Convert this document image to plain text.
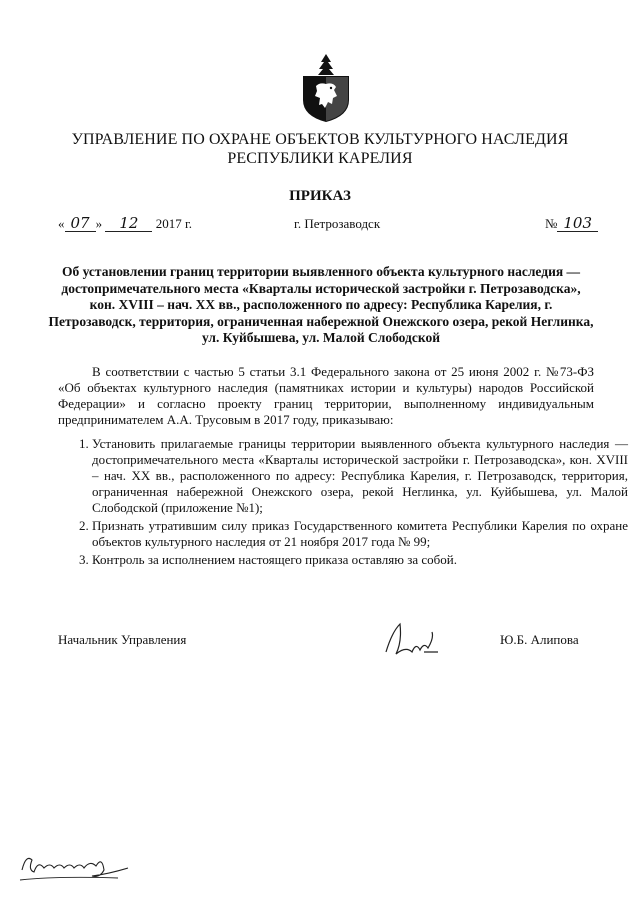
УПРАВЛЕНИЕ ПО ОХРАНЕ ОБЪЕКТОВ КУЛЬТУРНОГО НАСЛЕДИЯ
РЕСПУБЛИКИ КАРЕЛИЯ
ПРИКАЗ
« 07 » 12 2017 г.	г. Петрозаводск	№ 103
Об установлении границ территории выявленного объекта культурного наследия — достопримечательного места «Кварталы исторической застройки г. Петрозаводска», кон. XVIII – нач. XX вв., расположенного по адресу: Республика Карелия, г. Петрозаводск, территория, ограниченная набережной Онежского озера, рекой Неглинка, ул. Куйбышева, ул. Малой Слободской

В соответствии с частью 5 статьи 3.1 Федерального закона от 25 июня 2002 г. №73-ФЗ «Об объектах культурного наследия (памятниках истории и культуры) народов Российской Федерации» и согласно проекту границ территории, выполненному индивидуальным предпринимателем А.А. Трусовым в 2017 году, приказываю:

1. Установить прилагаемые границы территории выявленного объекта культурного наследия — достопримечательного места «Кварталы исторической застройки г. Петрозаводска», кон. XVIII – нач. XX вв., расположенного по адресу: Республика Карелия, г. Петрозаводск, территория, ограниченная набережной Онежского озера, рекой Неглинка, ул. Куйбышева, ул. Малой Слободской (приложение №1);
2. Признать утратившим силу приказ Государственного комитета Республики Карелия по охране объектов культурного наследия от 21 ноября 2017 года № 99;
3. Контроль за исполнением настоящего приказа оставляю за собой.
Начальник Управления	Ю.Б. Алипова
